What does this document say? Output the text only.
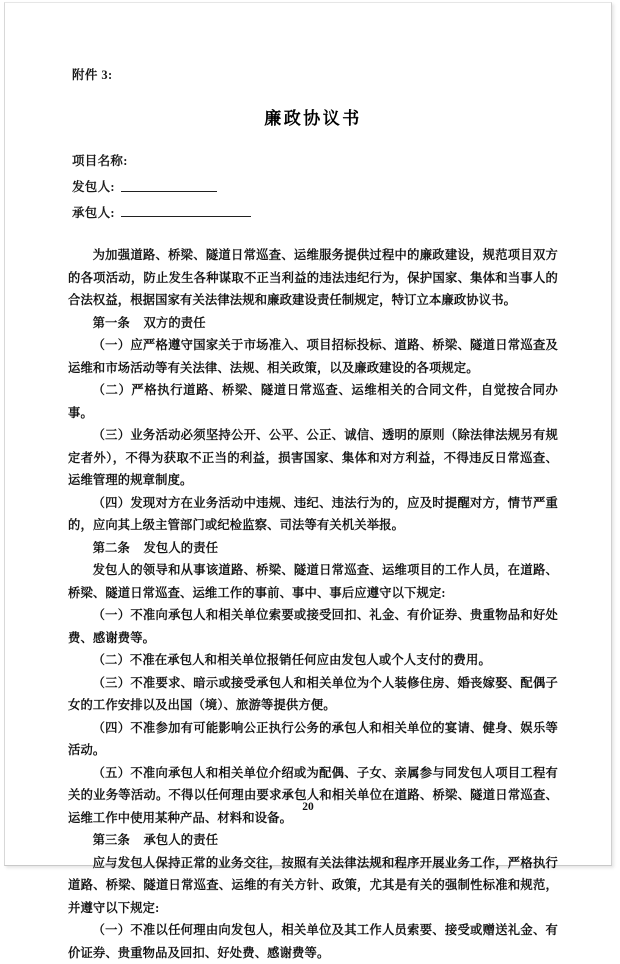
附件 3:
廉政协议书
项目名称:
发包人:
承包人:

为加强道路、桥梁、隧道日常巡查、运维服务提供过程中的廉政建设，规范项目双方的各项活动，防止发生各种谋取不正当利益的违法违纪行为，保护国家、集体和当事人的合法权益，根据国家有关法律法规和廉政建设责任制规定，特订立本廉政协议书。

第一条 双方的责任

（一）应严格遵守国家关于市场准入、项目招标投标、道路、桥梁、隧道日常巡查及运维和市场活动等有关法律、法规、相关政策，以及廉政建设的各项规定。

（二）严格执行道路、桥梁、隧道日常巡查、运维相关的合同文件，自觉按合同办事。

（三）业务活动必须坚持公开、公平、公正、诚信、透明的原则（除法律法规另有规定者外），不得为获取不正当的利益，损害国家、集体和对方利益，不得违反日常巡查、运维管理的规章制度。

（四）发现对方在业务活动中违规、违纪、违法行为的，应及时提醒对方，情节严重的，应向其上级主管部门或纪检监察、司法等有关机关举报。

第二条 发包人的责任

发包人的领导和从事该道路、桥梁、隧道日常巡查、运维项目的工作人员，在道路、桥梁、隧道日常巡查、运维工作的事前、事中、事后应遵守以下规定:

（一）不准向承包人和相关单位索要或接受回扣、礼金、有价证券、贵重物品和好处费、感谢费等。

（二）不准在承包人和相关单位报销任何应由发包人或个人支付的费用。

（三）不准要求、暗示或接受承包人和相关单位为个人装修住房、婚丧嫁娶、配偶子女的工作安排以及出国（境）、旅游等提供方便。

（四）不准参加有可能影响公正执行公务的承包人和相关单位的宴请、健身、娱乐等活动。

（五）不准向承包人和相关单位介绍或为配偶、子女、亲属参与同发包人项目工程有关的业务等活动。不得以任何理由要求承包人和相关单位在道路、桥梁、隧道日常巡查、运维工作中使用某种产品、材料和设备。

第三条 承包人的责任

应与发包人保持正常的业务交往，按照有关法律法规和程序开展业务工作，严格执行道路、桥梁、隧道日常巡查、运维的有关方针、政策，尤其是有关的强制性标准和规范，并遵守以下规定:

（一）不准以任何理由向发包人，相关单位及其工作人员索要、接受或赠送礼金、有价证券、贵重物品及回扣、好处费、感谢费等。

20
